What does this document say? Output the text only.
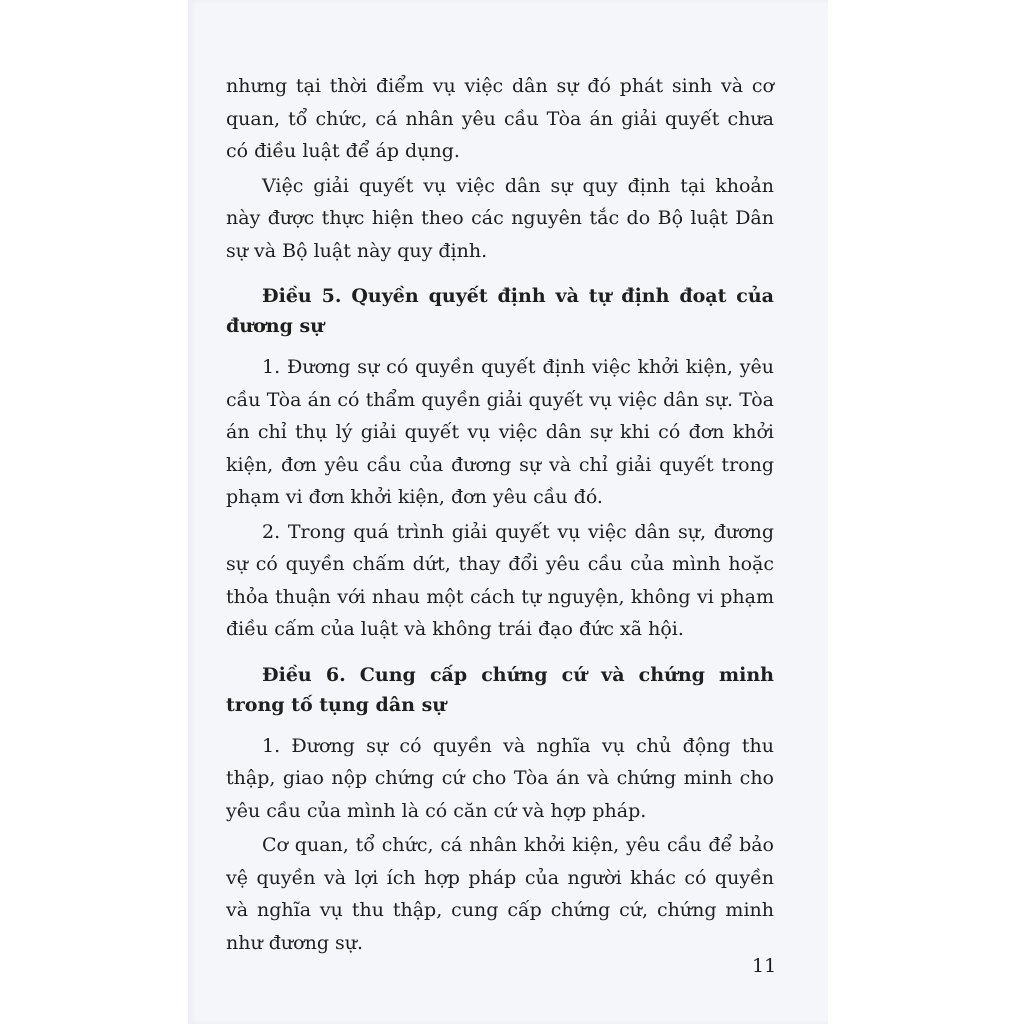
nhưng tại thời điểm vụ việc dân sự đó phát sinh và cơ quan, tổ chức, cá nhân yêu cầu Tòa án giải quyết chưa có điều luật để áp dụng.

Việc giải quyết vụ việc dân sự quy định tại khoản này được thực hiện theo các nguyên tắc do Bộ luật Dân sự và Bộ luật này quy định.

Điều 5. Quyền quyết định và tự định đoạt của đương sự

1. Đương sự có quyền quyết định việc khởi kiện, yêu cầu Tòa án có thẩm quyền giải quyết vụ việc dân sự. Tòa án chỉ thụ lý giải quyết vụ việc dân sự khi có đơn khởi kiện, đơn yêu cầu của đương sự và chỉ giải quyết trong phạm vi đơn khởi kiện, đơn yêu cầu đó.

2. Trong quá trình giải quyết vụ việc dân sự, đương sự có quyền chấm dứt, thay đổi yêu cầu của mình hoặc thỏa thuận với nhau một cách tự nguyện, không vi phạm điều cấm của luật và không trái đạo đức xã hội.

Điều 6. Cung cấp chứng cứ và chứng minh trong tố tụng dân sự

1. Đương sự có quyền và nghĩa vụ chủ động thu thập, giao nộp chứng cứ cho Tòa án và chứng minh cho yêu cầu của mình là có căn cứ và hợp pháp.

Cơ quan, tổ chức, cá nhân khởi kiện, yêu cầu để bảo vệ quyền và lợi ích hợp pháp của người khác có quyền và nghĩa vụ thu thập, cung cấp chứng cứ, chứng minh như đương sự.

11
